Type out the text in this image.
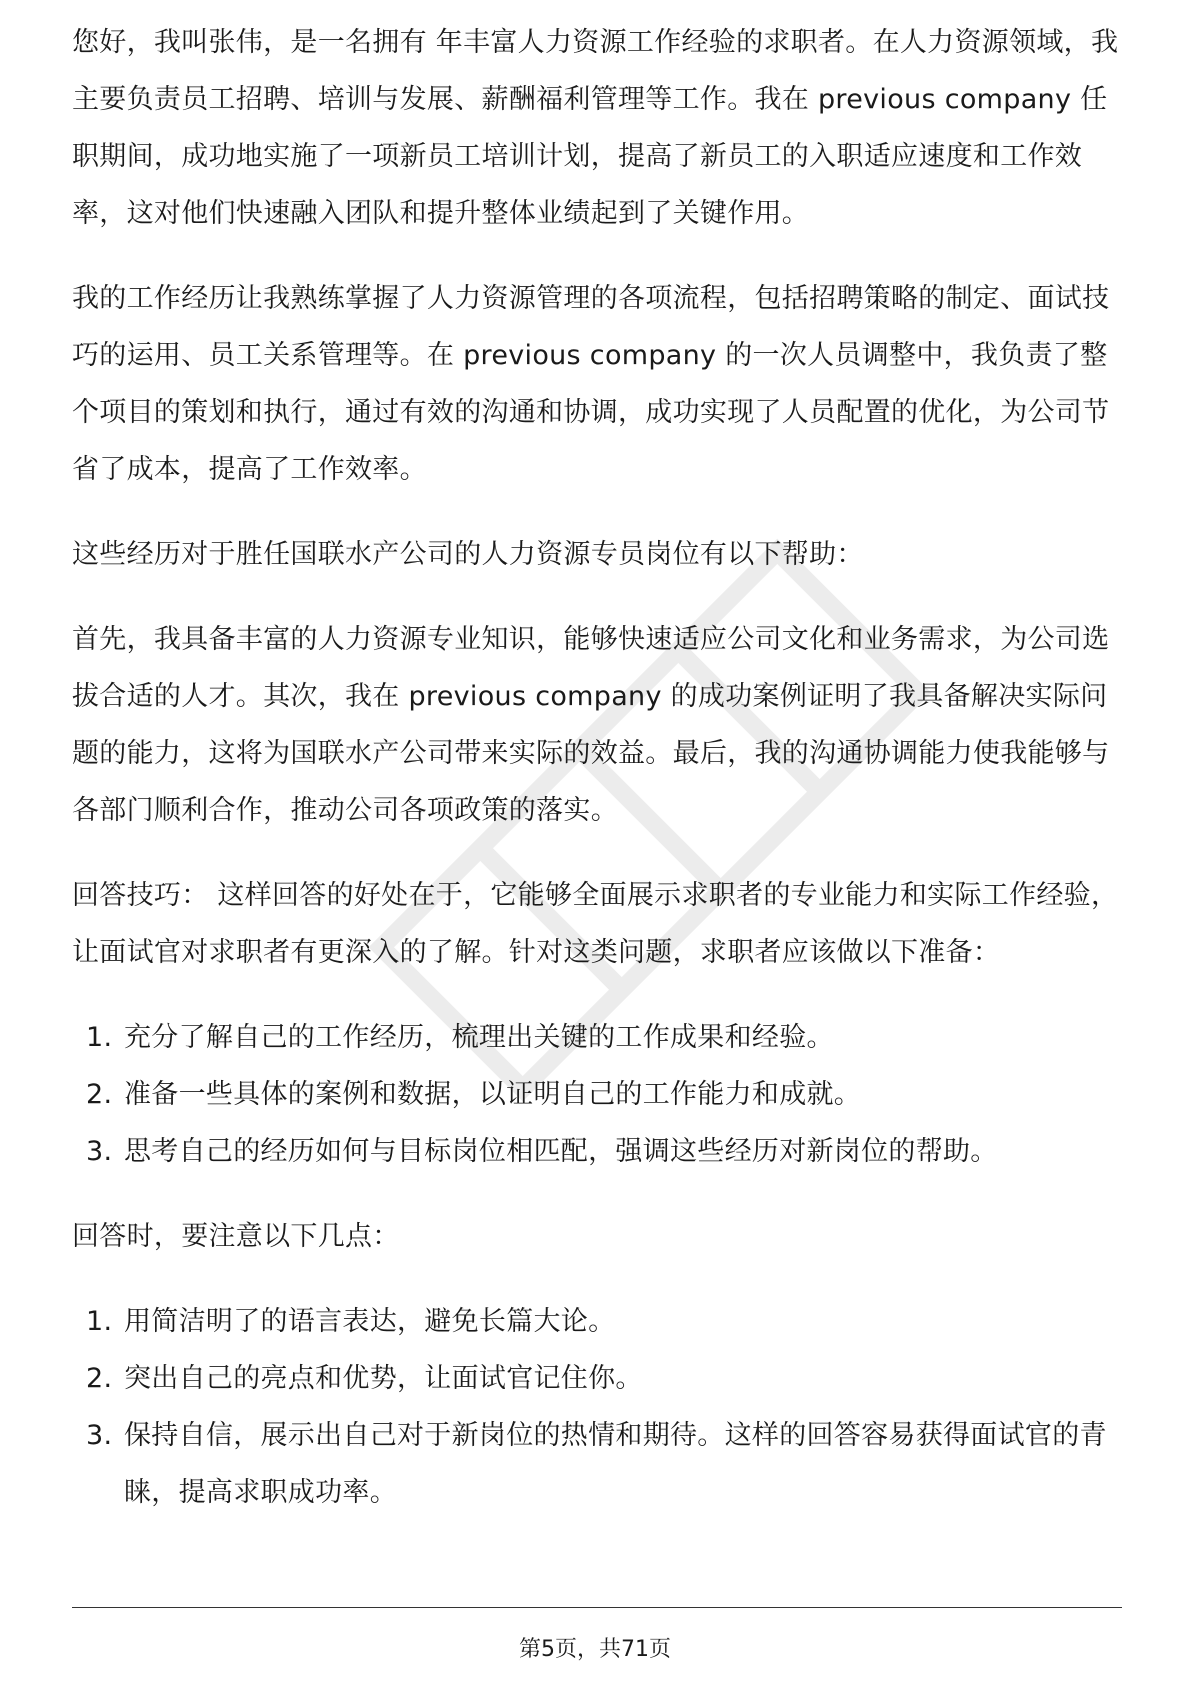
您好，我叫张伟，是一名拥有 年丰富人力资源工作经验的求职者。在人力资源领域，我主要负责员工招聘、培训与发展、薪酬福利管理等工作。我在 previous company 任职期间，成功地实施了一项新员工培训计划，提高了新员工的入职适应速度和工作效率，这对他们快速融入团队和提升整体业绩起到了关键作用。

我的工作经历让我熟练掌握了人力资源管理的各项流程，包括招聘策略的制定、面试技巧的运用、员工关系管理等。在 previous company 的一次人员调整中，我负责了整个项目的策划和执行，通过有效的沟通和协调，成功实现了人员配置的优化，为公司节省了成本，提高了工作效率。

这些经历对于胜任国联水产公司的人力资源专员岗位有以下帮助：

首先，我具备丰富的人力资源专业知识，能够快速适应公司文化和业务需求，为公司选拔合适的人才。其次，我在 previous company 的成功案例证明了我具备解决实际问题的能力，这将为国联水产公司带来实际的效益。最后，我的沟通协调能力使我能够与各部门顺利合作，推动公司各项政策的落实。

回答技巧： 这样回答的好处在于，它能够全面展示求职者的专业能力和实际工作经验，让面试官对求职者有更深入的了解。针对这类问题，求职者应该做以下准备：

1. 充分了解自己的工作经历，梳理出关键的工作成果和经验。
2. 准备一些具体的案例和数据，以证明自己的工作能力和成就。
3. 思考自己的经历如何与目标岗位相匹配，强调这些经历对新岗位的帮助。

回答时，要注意以下几点：

1. 用简洁明了的语言表达，避免长篇大论。
2. 突出自己的亮点和优势，让面试官记住你。
3. 保持自信，展示出自己对于新岗位的热情和期待。这样的回答容易获得面试官的青睐，提高求职成功率。
第5页，共71页
